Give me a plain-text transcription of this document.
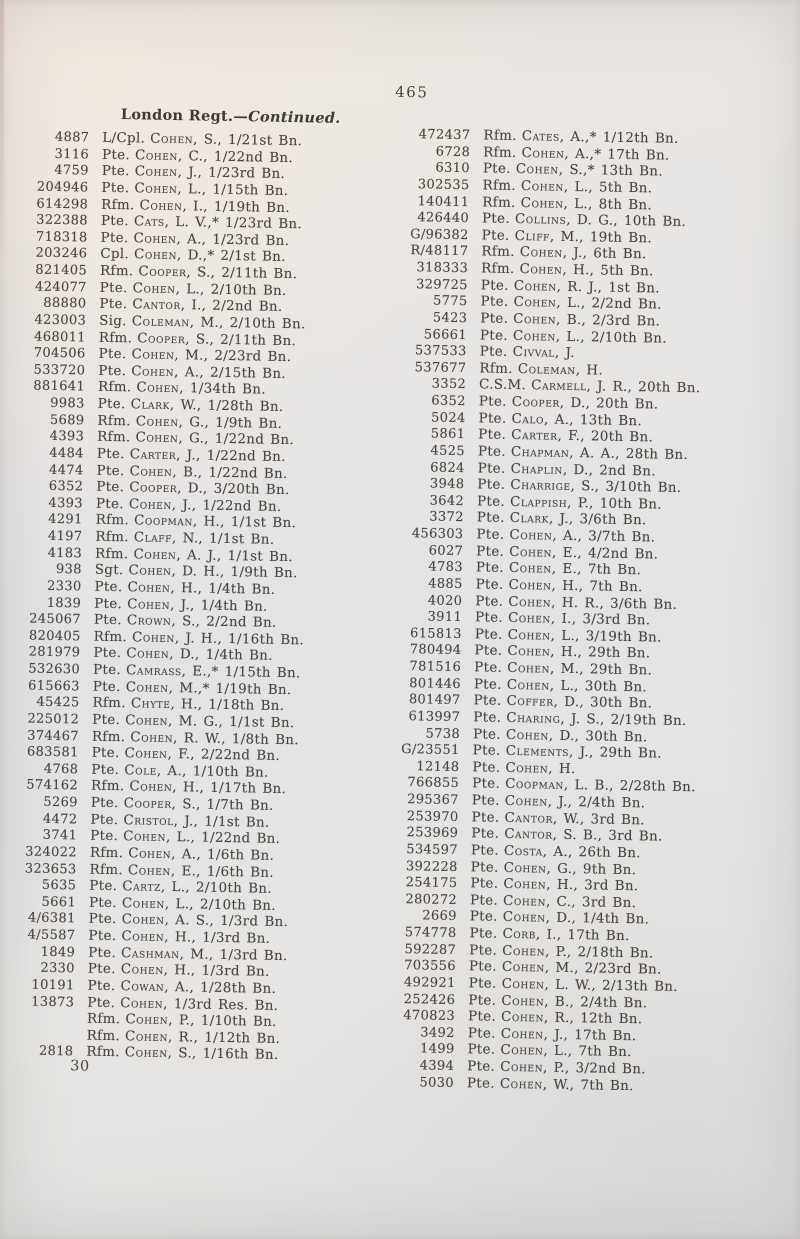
465
London Regt.—Continued.
4887 L/Cpl. Cohen, S., 1/21st Bn.
3116 Pte. Cohen, C., 1/22nd Bn.
4759 Pte. Cohen, J., 1/23rd Bn.
204946 Pte. Cohen, L., 1/15th Bn.
614298 Rfm. Cohen, I., 1/19th Bn.
322388 Pte. Cats, L. V.,* 1/23rd Bn.
718318 Pte. Cohen, A., 1/23rd Bn.
203246 Cpl. Cohen, D.,* 2/1st Bn.
821405 Rfm. Cooper, S., 2/11th Bn.
424077 Pte. Cohen, L., 2/10th Bn.
88880 Pte. Cantor, I., 2/2nd Bn.
423003 Sig. Coleman, M., 2/10th Bn.
468011 Rfm. Cooper, S., 2/11th Bn.
704506 Pte. Cohen, M., 2/23rd Bn.
533720 Pte. Cohen, A., 2/15th Bn.
881641 Rfm. Cohen, 1/34th Bn.
9983 Pte. Clark, W., 1/28th Bn.
5689 Rfm. Cohen, G., 1/9th Bn.
4393 Rfm. Cohen, G., 1/22nd Bn.
4484 Pte. Carter, J., 1/22nd Bn.
4474 Pte. Cohen, B., 1/22nd Bn.
6352 Pte. Cooper, D., 3/20th Bn.
4393 Pte. Cohen, J., 1/22nd Bn.
4291 Rfm. Coopman, H., 1/1st Bn.
4197 Rfm. Claff, N., 1/1st Bn.
4183 Rfm. Cohen, A. J., 1/1st Bn.
938 Sgt. Cohen, D. H., 1/9th Bn.
2330 Pte. Cohen, H., 1/4th Bn.
1839 Pte. Cohen, J., 1/4th Bn.
245067 Pte. Crown, S., 2/2nd Bn.
820405 Rfm. Cohen, J. H., 1/16th Bn.
281979 Pte. Cohen, D., 1/4th Bn.
532630 Pte. Camrass, E.,* 1/15th Bn.
615663 Pte. Cohen, M.,* 1/19th Bn.
45425 Rfm. Chyte, H., 1/18th Bn.
225012 Pte. Cohen, M. G., 1/1st Bn.
374467 Rfm. Cohen, R. W., 1/8th Bn.
683581 Pte. Cohen, F., 2/22nd Bn.
4768 Pte. Cole, A., 1/10th Bn.
574162 Rfm. Cohen, H., 1/17th Bn.
5269 Pte. Cooper, S., 1/7th Bn.
4472 Pte. Cristol, J., 1/1st Bn.
3741 Pte. Cohen, L., 1/22nd Bn.
324022 Rfm. Cohen, A., 1/6th Bn.
323653 Rfm. Cohen, E., 1/6th Bn.
5635 Pte. Cartz, L., 2/10th Bn.
5661 Pte. Cohen, L., 2/10th Bn.
4/6381 Pte. Cohen, A. S., 1/3rd Bn.
4/5587 Pte. Cohen, H., 1/3rd Bn.
1849 Pte. Cashman, M., 1/3rd Bn.
2330 Pte. Cohen, H., 1/3rd Bn.
10191 Pte. Cowan, A., 1/28th Bn.
13873 Pte. Cohen, 1/3rd Res. Bn.
Rfm. Cohen, P., 1/10th Bn.
Rfm. Cohen, R., 1/12th Bn.
2818 Rfm. Cohen, S., 1/16th Bn.
472437 Rfm. Cates, A.,* 1/12th Bn.
6728 Rfm. Cohen, A.,* 17th Bn.
6310 Pte. Cohen, S.,* 13th Bn.
302535 Rfm. Cohen, L., 5th Bn.
140411 Rfm. Cohen, L., 8th Bn.
426440 Pte. Collins, D. G., 10th Bn.
G/96382 Pte. Cliff, M., 19th Bn.
R/48117 Rfm. Cohen, J., 6th Bn.
318333 Rfm. Cohen, H., 5th Bn.
329725 Pte. Cohen, R. J., 1st Bn.
5775 Pte. Cohen, L., 2/2nd Bn.
5423 Pte. Cohen, B., 2/3rd Bn.
56661 Pte. Cohen, L., 2/10th Bn.
537533 Pte. Civval, J.
537677 Rfm. Coleman, H.
3352 C.S.M. Carmell, J. R., 20th Bn.
6352 Pte. Cooper, D., 20th Bn.
5024 Pte. Calo, A., 13th Bn.
5861 Pte. Carter, F., 20th Bn.
4525 Pte. Chapman, A. A., 28th Bn.
6824 Pte. Chaplin, D., 2nd Bn.
3948 Pte. Charrige, S., 3/10th Bn.
3642 Pte. Clappish, P., 10th Bn.
3372 Pte. Clark, J., 3/6th Bn.
456303 Pte. Cohen, A., 3/7th Bn.
6027 Pte. Cohen, E., 4/2nd Bn.
4783 Pte. Cohen, E., 7th Bn.
4885 Pte. Cohen, H., 7th Bn.
4020 Pte. Cohen, H. R., 3/6th Bn.
3911 Pte. Cohen, I., 3/3rd Bn.
615813 Pte. Cohen, L., 3/19th Bn.
780494 Pte. Cohen, H., 29th Bn.
781516 Pte. Cohen, M., 29th Bn.
801446 Pte. Cohen, L., 30th Bn.
801497 Pte. Coffer, D., 30th Bn.
613997 Pte. Charing, J. S., 2/19th Bn.
5738 Pte. Cohen, D., 30th Bn.
G/23551 Pte. Clements, J., 29th Bn.
12148 Pte. Cohen, H.
766855 Pte. Coopman, L. B., 2/28th Bn.
295367 Pte. Cohen, J., 2/4th Bn.
253970 Pte. Cantor, W., 3rd Bn.
253969 Pte. Cantor, S. B., 3rd Bn.
534597 Pte. Costa, A., 26th Bn.
392228 Pte. Cohen, G., 9th Bn.
254175 Pte. Cohen, H., 3rd Bn.
280272 Pte. Cohen, C., 3rd Bn.
2669 Pte. Cohen, D., 1/4th Bn.
574778 Pte. Corb, I., 17th Bn.
592287 Pte. Cohen, P., 2/18th Bn.
703556 Pte. Cohen, M., 2/23rd Bn.
492921 Pte. Cohen, L. W., 2/13th Bn.
252426 Pte. Cohen, B., 2/4th Bn.
470823 Pte. Cohen, R., 12th Bn.
3492 Pte. Cohen, J., 17th Bn.
1499 Pte. Cohen, L., 7th Bn.
4394 Pte. Cohen, P., 3/2nd Bn.
5030 Pte. Cohen, W., 7th Bn.
30
